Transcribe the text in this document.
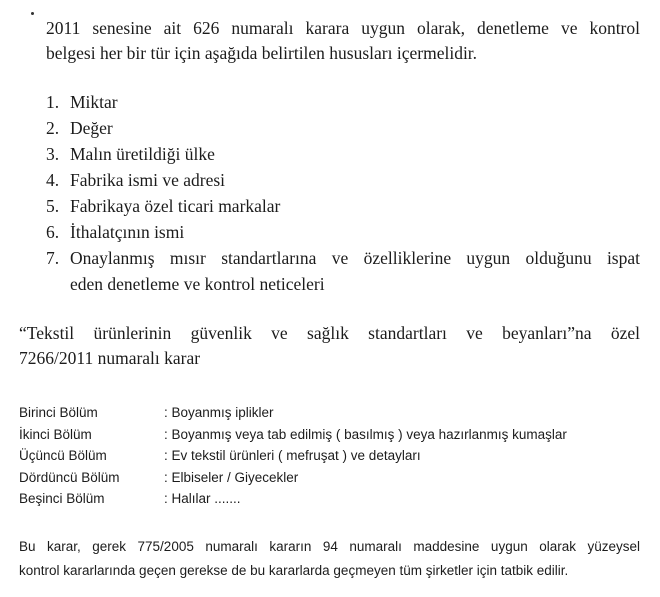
2011 senesine ait 626 numaralı karara uygun olarak, denetleme ve kontrol
belgesi her bir tür için aşağıda belirtilen hususları içermelidir.
1. Miktar
2. Değer
3. Malın üretildiği ülke
4. Fabrika ismi ve adresi
5. Fabrikaya özel ticari markalar
6. İthalatçının ismi
7. Onaylanmış mısır standartlarına ve özelliklerine uygun olduğunu ispat
eden denetleme ve kontrol neticeleri
“Tekstil ürünlerinin güvenlik ve sağlık standartları ve beyanları”na özel
7266/2011 numaralı karar
Birinci Bölüm	: Boyanmış iplikler
İkinci Bölüm	: Boyanmış veya tab edilmiş ( basılmış ) veya hazırlanmış kumaşlar
Üçüncü Bölüm	: Ev tekstil ürünleri ( mefruşat ) ve detayları
Dördüncü Bölüm	: Elbiseler / Giyecekler
Beşinci Bölüm	: Halılar .......
Bu karar, gerek 775/2005 numaralı kararın 94 numaralı maddesine uygun olarak yüzeysel
kontrol kararlarında geçen gerekse de bu kararlarda geçmeyen tüm şirketler için tatbik edilir.
